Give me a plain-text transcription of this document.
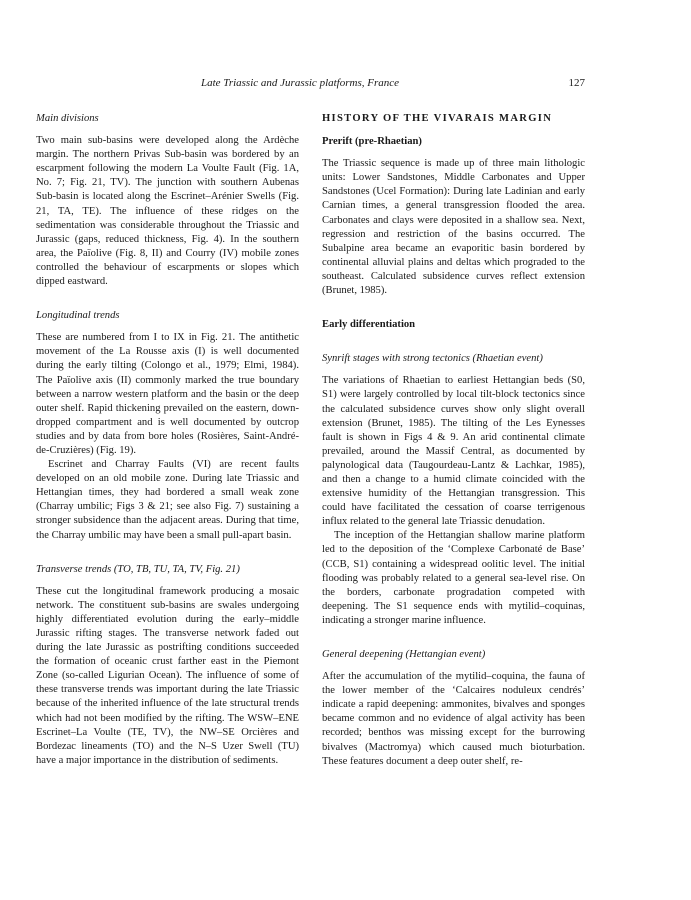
Late Triassic and Jurassic platforms, France	127
Main divisions

Two main sub-basins were developed along the Ardèche margin. The northern Privas Sub-basin was bordered by an escarpment following the modern La Voulte Fault (Fig. 1A, No. 7; Fig. 21, TV). The junction with southern Aubenas Sub-basin is located along the Escrinet–Arénier Swells (Fig. 21, TA, TE). The influence of these ridges on the sedimentation was considerable throughout the Triassic and Jurassic (gaps, reduced thickness, Fig. 4). In the southern area, the Païolive (Fig. 8, II) and Courry (IV) mobile zones controlled the behaviour of escarpments or slopes which dipped eastward.

Longitudinal trends

These are numbered from I to IX in Fig. 21. The antithetic movement of the La Rousse axis (I) is well documented during the early tilting (Colongo et al., 1979; Elmi, 1984). The Païolive axis (II) commonly marked the true boundary between a narrow western platform and the basin or the deep outer shelf. Rapid thickening prevailed on the eastern, down-dropped compartment and is well documented by outcrop studies and by data from bore holes (Rosières, Saint-André-de-Cruzières) (Fig. 19).

Escrinet and Charray Faults (VI) are recent faults developed on an old mobile zone. During late Triassic and Hettangian times, they had bordered a small weak zone (Charray umbilic; Figs 3 & 21; see also Fig. 7) sustaining a stronger subsidence than the adjacent areas. During that time, the Charray umbilic may have been a small pull-apart basin.

Transverse trends (TO, TB, TU, TA, TV, Fig. 21)

These cut the longitudinal framework producing a mosaic network. The constituent sub-basins are swales undergoing highly differentiated evolution during the early–middle Jurassic rifting stages. The transverse network faded out during the late Jurassic as postrifting conditions succeeded the formation of oceanic crust farther east in the Piemont Zone (so-called Ligurian Ocean). The influence of some of these transverse trends was important during the late Triassic because of the inherited influence of the late structural trends which had not been modified by the rifting. The WSW–ENE Escrinet–La Voulte (TE, TV), the NW–SE Orcières and Bordezac lineaments (TO) and the N–S Uzer Swell (TU) have a major importance in the distribution of sediments.

HISTORY OF THE VIVARAIS MARGIN
Prerift (pre-Rhaetian)

The Triassic sequence is made up of three main lithologic units: Lower Sandstones, Middle Carbonates and Upper Sandstones (Ucel Formation): During late Ladinian and early Carnian times, a general transgression flooded the area. Carbonates and clays were deposited in a shallow sea. Next, regression and restriction of the basins occurred. The Subalpine area became an evaporitic basin bordered by continental alluvial plains and deltas which prograded to the southeast. Calculated subsidence curves reflect extension (Brunet, 1985).

Early differentiation
Synrift stages with strong tectonics (Rhaetian event)

The variations of Rhaetian to earliest Hettangian beds (S0, S1) were largely controlled by local tilt-block tectonics since the calculated subsidence curves show only slight overall extension (Brunet, 1985). The tilting of the Les Eynesses fault is shown in Figs 4 & 9. An arid continental climate prevailed, around the Massif Central, as documented by palynological data (Taugourdeau-Lantz & Lachkar, 1985), and then a change to a humid climate coincided with the extensive humidity of the Hettangian transgression. This could have facilitated the cessation of coarse terrigenous influx related to the general late Triassic denudation.

The inception of the Hettangian shallow marine platform led to the deposition of the ‘Complexe Carbonaté de Base’ (CCB, S1) containing a widespread oolitic level. The initial flooding was probably related to a general sea-level rise. On the borders, carbonate progradation competed with deepening. The S1 sequence ends with mytilid–coquinas, indicating a stronger marine influence.

General deepening (Hettangian event)

After the accumulation of the mytilid–coquina, the fauna of the lower member of the ‘Calcaires noduleux cendrés’ indicate a rapid deepening: ammonites, bivalves and sponges became common and no evidence of algal activity has been recorded; benthos was missing except for the burrowing bivalves (Mactromya) which caused much bioturbation. These features document a deep outer shelf, re-
